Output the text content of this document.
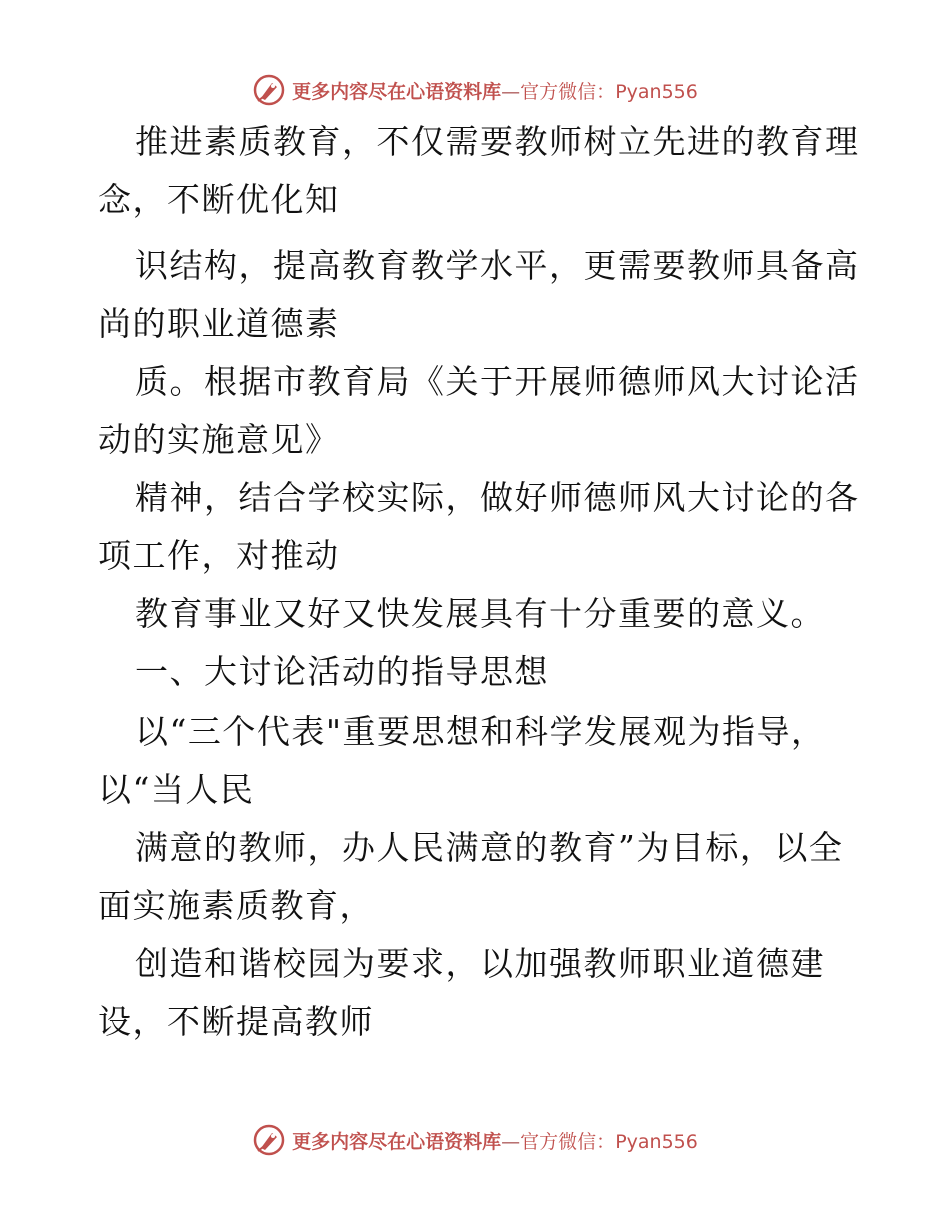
更多内容尽在心语资料库—官方微信：Pyan556
推进素质教育，不仅需要教师树立先进的教育理
念，不断优化知
识结构，提高教育教学水平，更需要教师具备高
尚的职业道德素
质。根据市教育局《关于开展师德师风大讨论活
动的实施意见》
精神，结合学校实际，做好师德师风大讨论的各
项工作，对推动
教育事业又好又快发展具有十分重要的意义。
一、大讨论活动的指导思想
以“三个代表"重要思想和科学发展观为指导，
以“当人民
满意的教师，办人民满意的教育”为目标，以全
面实施素质教育，
创造和谐校园为要求，以加强教师职业道德建
设，不断提高教师
更多内容尽在心语资料库—官方微信：Pyan556
